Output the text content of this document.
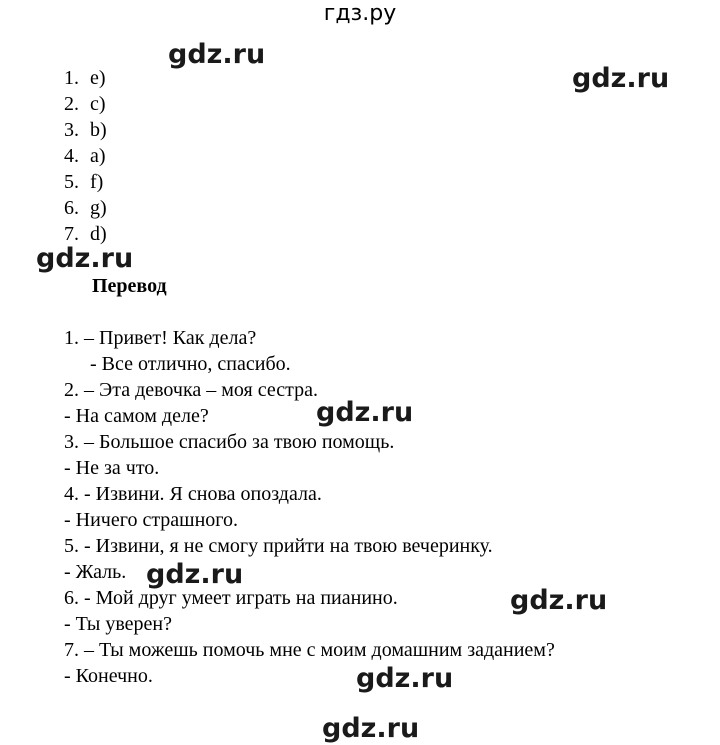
гдз.ру
gdz.ru
gdz.ru
gdz.ru
gdz.ru
gdz.ru
gdz.ru
gdz.ru
gdz.ru
1. e)
2. c)
3. b)
4. a)
5. f)
6. g)
7. d)
Перевод
1. – Привет! Как дела?
- Все отлично, спасибо.
2. – Эта девочка – моя сестра.
- На самом деле?
3. – Большое спасибо за твою помощь.
- Не за что.
4. - Извини. Я снова опоздала.
- Ничего страшного.
5. - Извини, я не смогу прийти на твою вечеринку.
- Жаль.
6. - Мой друг умеет играть на пианино.
- Ты уверен?
7. – Ты можешь помочь мне с моим домашним заданием?
- Конечно.
